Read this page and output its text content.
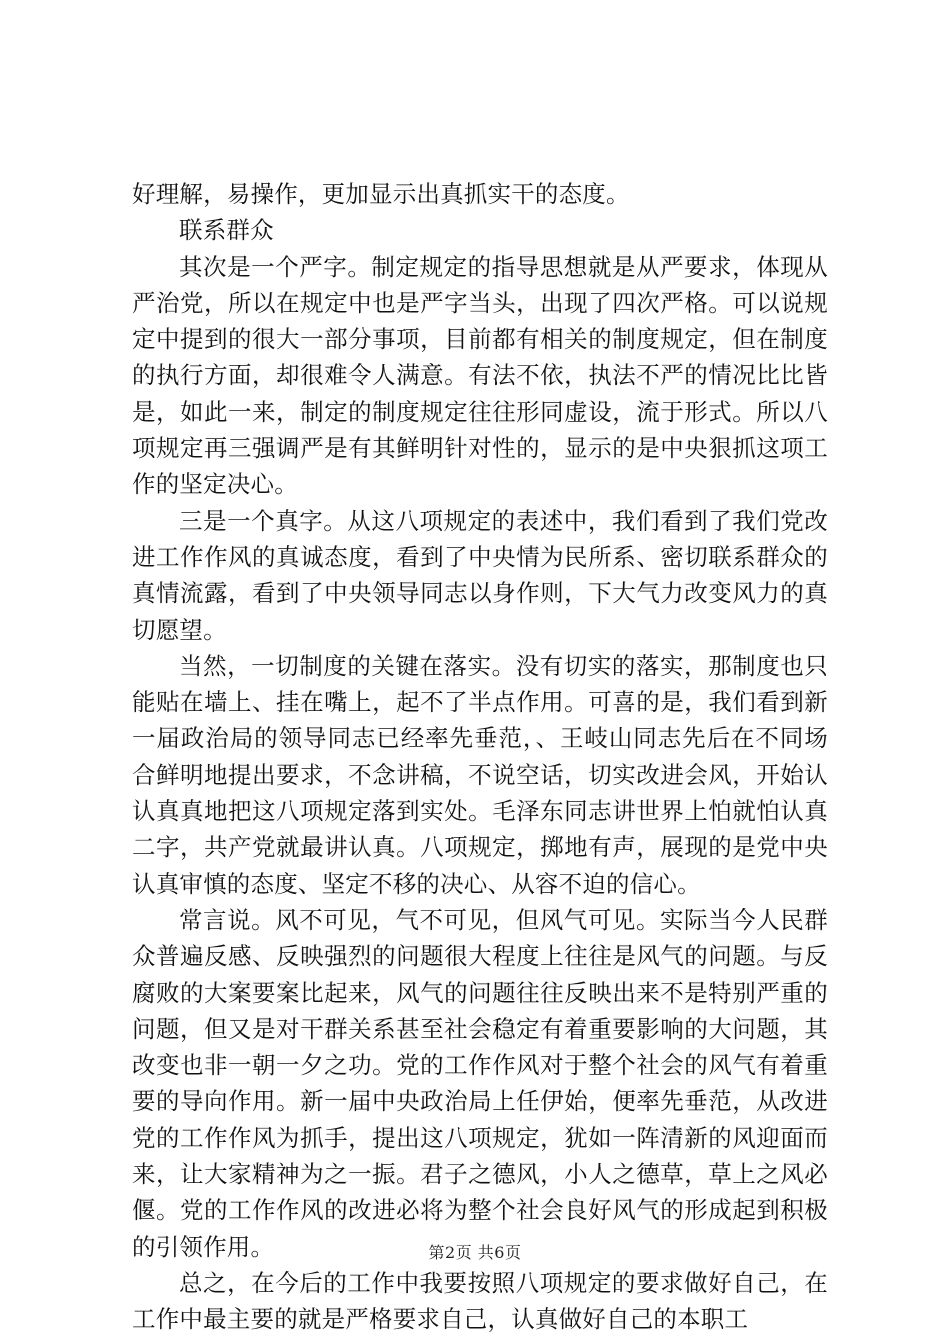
好理解，易操作，更加显示出真抓实干的态度。

联系群众

其次是一个严字。制定规定的指导思想就是从严要求，体现从严治党，所以在规定中也是严字当头，出现了四次严格。可以说规定中提到的很大一部分事项，目前都有相关的制度规定，但在制度的执行方面，却很难令人满意。有法不依，执法不严的情况比比皆是，如此一来，制定的制度规定往往形同虚设，流于形式。所以八项规定再三强调严是有其鲜明针对性的，显示的是中央狠抓这项工作的坚定决心。

三是一个真字。从这八项规定的表述中，我们看到了我们党改进工作作风的真诚态度，看到了中央情为民所系、密切联系群众的真情流露，看到了中央领导同志以身作则，下大气力改变风力的真切愿望。

当然，一切制度的关键在落实。没有切实的落实，那制度也只能贴在墙上、挂在嘴上，起不了半点作用。可喜的是，我们看到新一届政治局的领导同志已经率先垂范，、王岐山同志先后在不同场合鲜明地提出要求，不念讲稿，不说空话，切实改进会风，开始认认真真地把这八项规定落到实处。毛泽东同志讲世界上怕就怕认真二字，共产党就最讲认真。八项规定，掷地有声，展现的是党中央认真审慎的态度、坚定不移的决心、从容不迫的信心。

常言说。风不可见，气不可见，但风气可见。实际当今人民群众普遍反感、反映强烈的问题很大程度上往往是风气的问题。与反腐败的大案要案比起来，风气的问题往往反映出来不是特别严重的问题，但又是对干群关系甚至社会稳定有着重要影响的大问题，其改变也非一朝一夕之功。党的工作作风对于整个社会的风气有着重要的导向作用。新一届中央政治局上任伊始，便率先垂范，从改进党的工作作风为抓手，提出这八项规定，犹如一阵清新的风迎面而来，让大家精神为之一振。君子之德风，小人之德草，草上之风必偃。党的工作作风的改进必将为整个社会良好风气的形成起到积极的引领作用。

总之，在今后的工作中我要按照八项规定的要求做好自己，在工作中最主要的就是严格要求自己，认真做好自己的本职工

第2页 共6页
